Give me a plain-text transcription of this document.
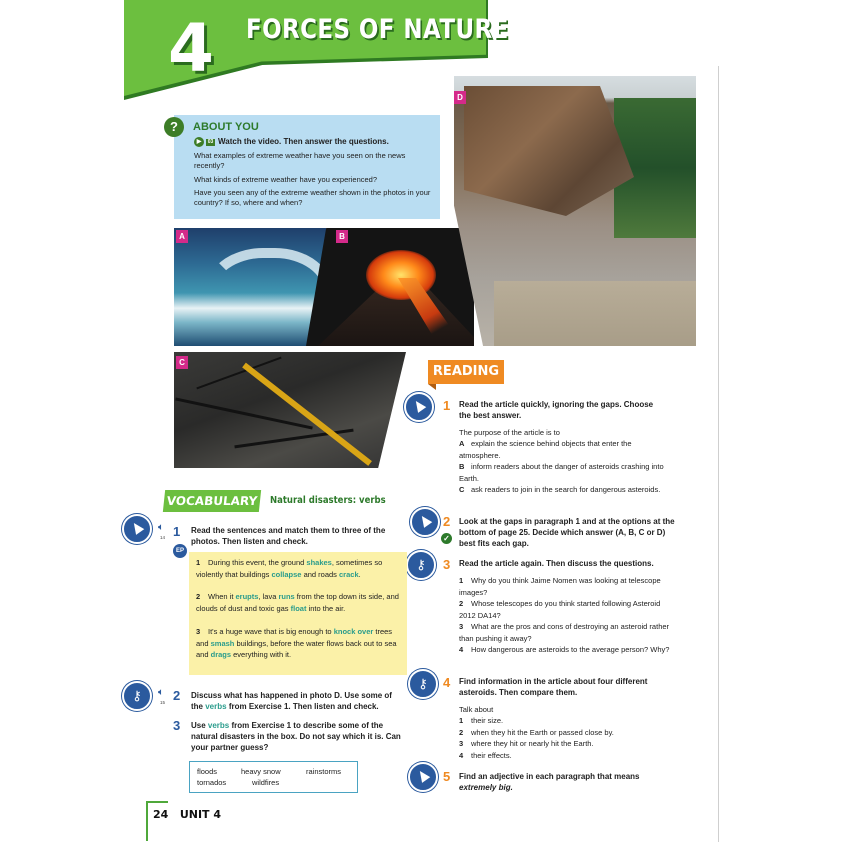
4 FORCES OF NATURE
?	ABOUT YOU
▶ 03 Watch the video. Then answer the questions.
What examples of extreme weather have you seen on the news recently?
What kinds of extreme weather have you experienced?
Have you seen any of the extreme weather shown in the photos in your country? If so, where and when?
A	B
D
C
READING
1 Read the article quickly, ignoring the gaps. Choose the best answer.
The purpose of the article is to
A explain the science behind objects that enter the atmosphere.
B inform readers about the danger of asteroids crashing into Earth.
C ask readers to join in the search for dangerous asteroids.
✓
2 Look at the gaps in paragraph 1 and at the options at the bottom of page 25. Decide which answer (A, B, C or D) best fits each gap.
⚷	3 Read the article again. Then discuss the questions.
1 Why do you think Jaime Nomen was looking at telescope images?
2 Whose telescopes do you think started following Asteroid 2012 DA14?
3 What are the pros and cons of destroying an asteroid rather than pushing it away?
4 How dangerous are asteroids to the average person? Why?
⚷	4 Find information in the article about four different asteroids. Then compare them.
Talk about
1 their size.
2 when they hit the Earth or passed close by.
3 where they hit or nearly hit the Earth.
4 their effects.
5 Find an adjective in each paragraph that means
extremely big.
VOCABULARY	Natural disasters: verbs
🔈︎
14
EP
1 Read the sentences and match them to three of the photos. Then listen and check.
1 During this event, the ground shakes, sometimes so violently that buildings collapse and roads crack.
2 When it erupts, lava runs from the top down its side, and clouds of dust and toxic gas float into the air.
3 It's a huge wave that is big enough to knock over trees and smash buildings, before the water flows back out to sea and drags everything with it.
⚷	🔈︎
15 2 Discuss what has happened in photo D. Use some of the verbs from Exercise 1. Then listen and check.
3 Use verbs from Exercise 1 to describe some of the natural disasters in the box. Do not say which it is. Can your partner guess?
floods	heavy snow	rainstorms
tornados	wildfires
24 UNIT 4
